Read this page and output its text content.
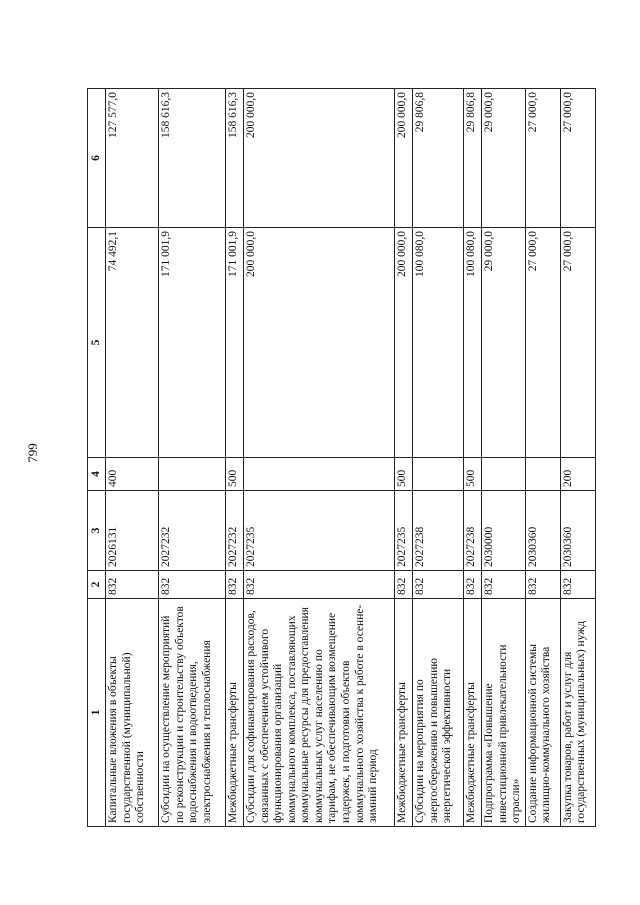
799
1	2	3	4	5	6
Капитальные вложения в объекты государственной (муниципальной) собственности	832	2026131	400	74 492,1	127 577,0
Субсидии на осуществление мероприятий по реконструкции и строительству объектов водоснабжения и водоотведения, электроснабжения и теплоснабжения	832	2027232		171 001,9	158 616,3
Межбюджетные трансферты	832	2027232	500	171 001,9	158 616,3
Субсидии для софинансирования расходов, связанных с обеспечением устойчивого функционирования организаций коммунального комплекса, поставляющих коммунальные ресурсы для предоставления коммунальных услуг населению по тарифам, не обеспечивающим возмещение издержек, и подготовки объектов коммунального хозяйства к работе в осенне-зимний период	832	2027235		200 000,0	200 000,0
Межбюджетные трансферты	832	2027235	500	200 000,0	200 000,0
Субсидии на мероприятия по энергосбережению и повышению энергетической эффективности	832	2027238		100 080,0	29 806,8
Межбюджетные трансферты	832	2027238	500	100 080,0	29 806,8
Подпрограмма «Повышение инвестиционной привлекательности отрасли»	832	2030000		29 000,0	29 000,0
Создание информационной системы жилищно-коммунального хозяйства	832	2030360		27 000,0	27 000,0
Закупка товаров, работ и услуг для государственных (муниципальных) нужд	832	2030360	200	27 000,0	27 000,0
